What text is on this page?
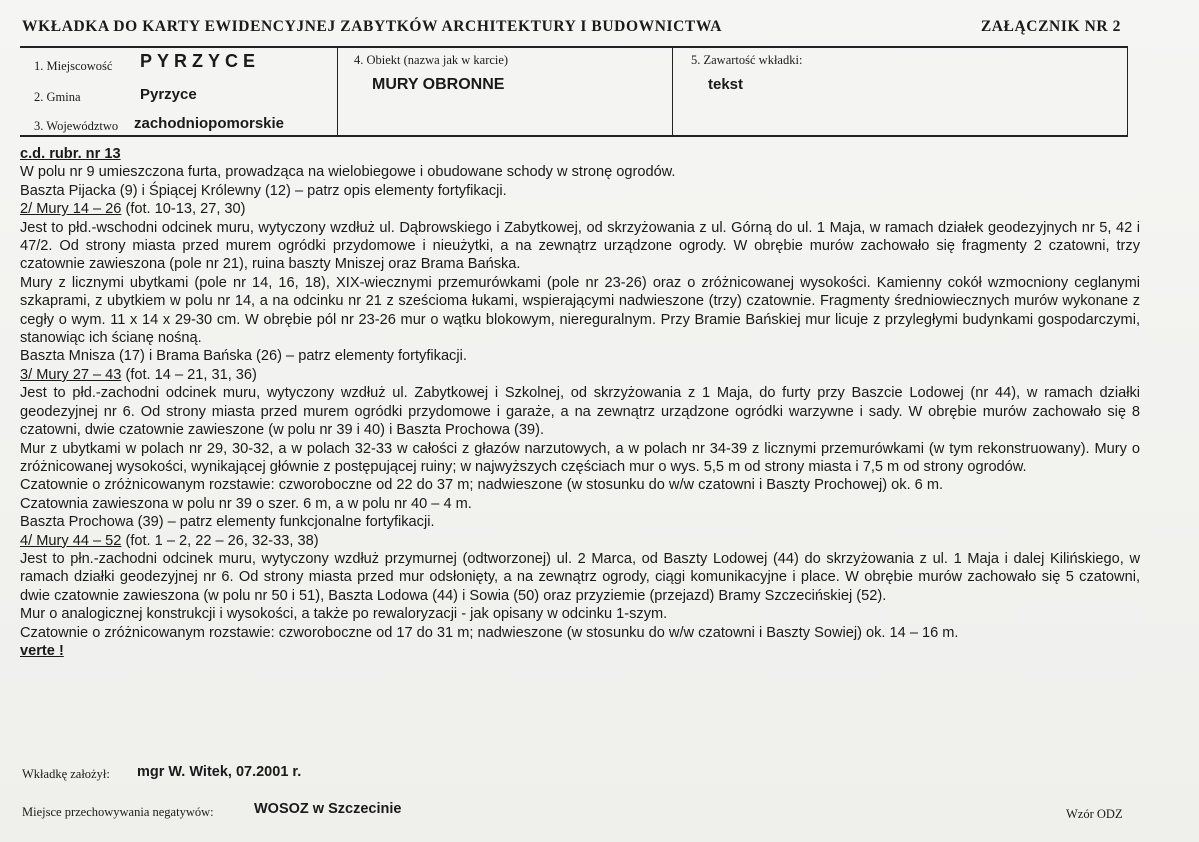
WKŁADKA DO KARTY EWIDENCYJNEJ ZABYTKÓW ARCHITEKTURY I BUDOWNICTWA	ZAŁĄCZNIK NR 2
1. Miejscowość PYRZYCE
2. Gmina	Pyrzyce
3. Województwo zachodniopomorskie
4. Obiekt (nazwa jak w karcie)
MURY OBRONNE
5. Zawartość wkładki:
tekst

c.d. rubr. nr 13

W polu nr 9 umieszczona furta, prowadząca na wielobiegowe i obudowane schody w stronę ogrodów.

Baszta Pijacka (9) i Śpiącej Królewny (12) – patrz opis elementy fortyfikacji.

2/ Mury 14 – 26 (fot. 10-13, 27, 30)

Jest to płd.-wschodni odcinek muru, wytyczony wzdłuż ul. Dąbrowskiego i Zabytkowej, od skrzyżowania z ul. Górną do ul. 1 Maja, w ramach działek geodezyjnych nr 5, 42 i 47/2. Od strony miasta przed murem ogródki przydomowe i nieużytki, a na zewnątrz urządzone ogrody. W obrębie murów zachowało się fragmenty 2 czatowni, trzy czatownie zawieszona (pole nr 21), ruina baszty Mniszej oraz Brama Bańska.

Mury z licznymi ubytkami (pole nr 14, 16, 18), XIX-wiecznymi przemurówkami (pole nr 23-26) oraz o zróżnicowanej wysokości. Kamienny cokół wzmocniony ceglanymi szkaprami, z ubytkiem w polu nr 14, a na odcinku nr 21 z sześcioma łukami, wspierającymi nadwieszone (trzy) czatownie. Fragmenty średniowiecznych murów wykonane z cegły o wym. 11 x 14 x 29-30 cm. W obrębie pól nr 23-26 mur o wątku blokowym, niereguralnym. Przy Bramie Bańskiej mur licuje z przyległymi budynkami gospodarczymi, stanowiąc ich ścianę nośną.

Baszta Mnisza (17) i Brama Bańska (26) – patrz elementy fortyfikacji.

3/ Mury 27 – 43 (fot. 14 – 21, 31, 36)

Jest to płd.-zachodni odcinek muru, wytyczony wzdłuż ul. Zabytkowej i Szkolnej, od skrzyżowania z 1 Maja, do furty przy Baszcie Lodowej (nr 44), w ramach działki geodezyjnej nr 6. Od strony miasta przed murem ogródki przydomowe i garaże, a na zewnątrz urządzone ogródki warzywne i sady. W obrębie murów zachowało się 8 czatowni, dwie czatownie zawieszone (w polu nr 39 i 40) i Baszta Prochowa (39).

Mur z ubytkami w polach nr 29, 30-32, a w polach 32-33 w całości z głazów narzutowych, a w polach nr 34-39 z licznymi przemurówkami (w tym rekonstruowany). Mury o zróżnicowanej wysokości, wynikającej głównie z postępującej ruiny; w najwyższych częściach mur o wys. 5,5 m od strony miasta i 7,5 m od strony ogrodów.

Czatownie o zróżnicowanym rozstawie: czworoboczne od 22 do 37 m; nadwieszone (w stosunku do w/w czatowni i Baszty Prochowej) ok. 6 m.

Czatownia zawieszona w polu nr 39 o szer. 6 m, a w polu nr 40 – 4 m.

Baszta Prochowa (39) – patrz elementy funkcjonalne fortyfikacji.

4/ Mury 44 – 52 (fot. 1 – 2, 22 – 26, 32-33, 38)

Jest to płn.-zachodni odcinek muru, wytyczony wzdłuż przymurnej (odtworzonej) ul. 2 Marca, od Baszty Lodowej (44) do skrzyżowania z ul. 1 Maja i dalej Kilińskiego, w ramach działki geodezyjnej nr 6. Od strony miasta przed mur odsłonięty, a na zewnątrz ogrody, ciągi komunikacyjne i place. W obrębie murów zachowało się 5 czatowni, dwie czatownie zawieszona (w polu nr 50 i 51), Baszta Lodowa (44) i Sowia (50) oraz przyziemie (przejazd) Bramy Szczecińskiej (52).

Mur o analogicznej konstrukcji i wysokości, a także po rewaloryzacji - jak opisany w odcinku 1-szym.

Czatownie o zróżnicowanym rozstawie: czworoboczne od 17 do 31 m; nadwieszone (w stosunku do w/w czatowni i Baszty Sowiej) ok. 14 – 16 m.

verte !

Wkładkę założył: mgr W. Witek, 07.2001 r.
Miejsce przechowywania negatywów:	WOSOZ w Szczecinie	Wzór ODZ
